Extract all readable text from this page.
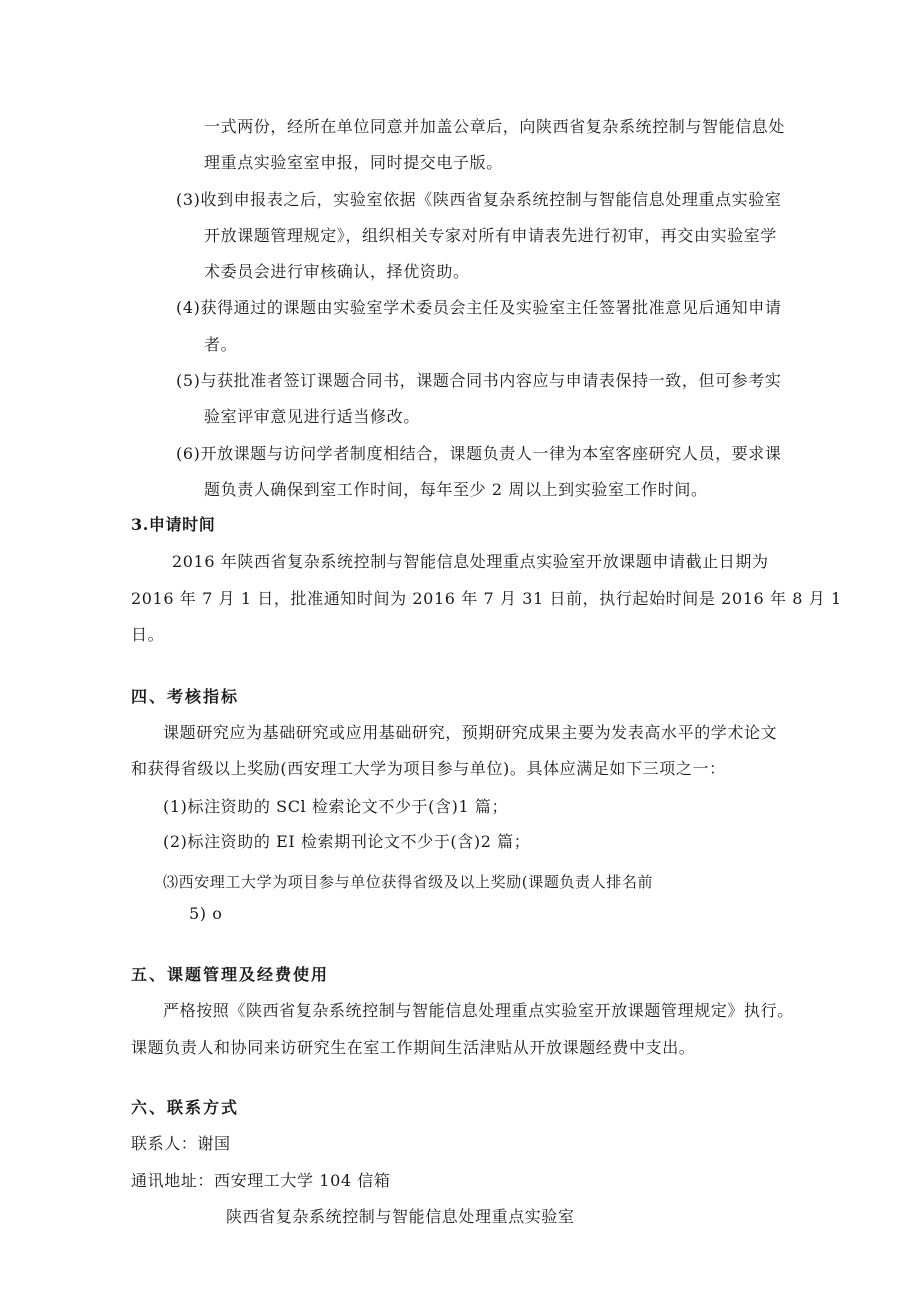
一式两份，经所在单位同意并加盖公章后，向陕西省复杂系统控制与智能信息处
理重点实验室室申报，同时提交电子版。
(3)收到申报表之后，实验室依据《陕西省复杂系统控制与智能信息处理重点实验室
开放课题管理规定》，组织相关专家对所有申请表先进行初审，再交由实验室学
术委员会进行审核确认，择优资助。
(4)获得通过的课题由实验室学术委员会主任及实验室主任签署批准意见后通知申请
者。
(5)与获批准者签订课题合同书，课题合同书内容应与申请表保持一致，但可参考实
验室评审意见进行适当修改。
(6)开放课题与访问学者制度相结合，课题负责人一律为本室客座研究人员，要求课
题负责人确保到室工作时间，每年至少 2 周以上到实验室工作时间。
3.申请时间
2016 年陕西省复杂系统控制与智能信息处理重点实验室开放课题申请截止日期为
2016 年 7 月 1 日，批准通知时间为 2016 年 7 月 31 日前，执行起始时间是 2016 年 8 月 1
日。
四、考核指标
课题研究应为基础研究或应用基础研究，预期研究成果主要为发表高水平的学术论文
和获得省级以上奖励(西安理工大学为项目参与单位)。具体应满足如下三项之一：
(1)标注资助的 SCl 检索论文不少于(含)1 篇；
(2)标注资助的 EI 检索期刊论文不少于(含)2 篇；
⑶西安理工大学为项目参与单位获得省级及以上奖励(课题负责人排名前
5) o
五、课题管理及经费使用
严格按照《陕西省复杂系统控制与智能信息处理重点实验室开放课题管理规定》执行。
课题负责人和协同来访研究生在室工作期间生活津贴从开放课题经费中支出。
六、联系方式
联系人：谢国
通讯地址：西安理工大学 104 信箱
陕西省复杂系统控制与智能信息处理重点实验室
